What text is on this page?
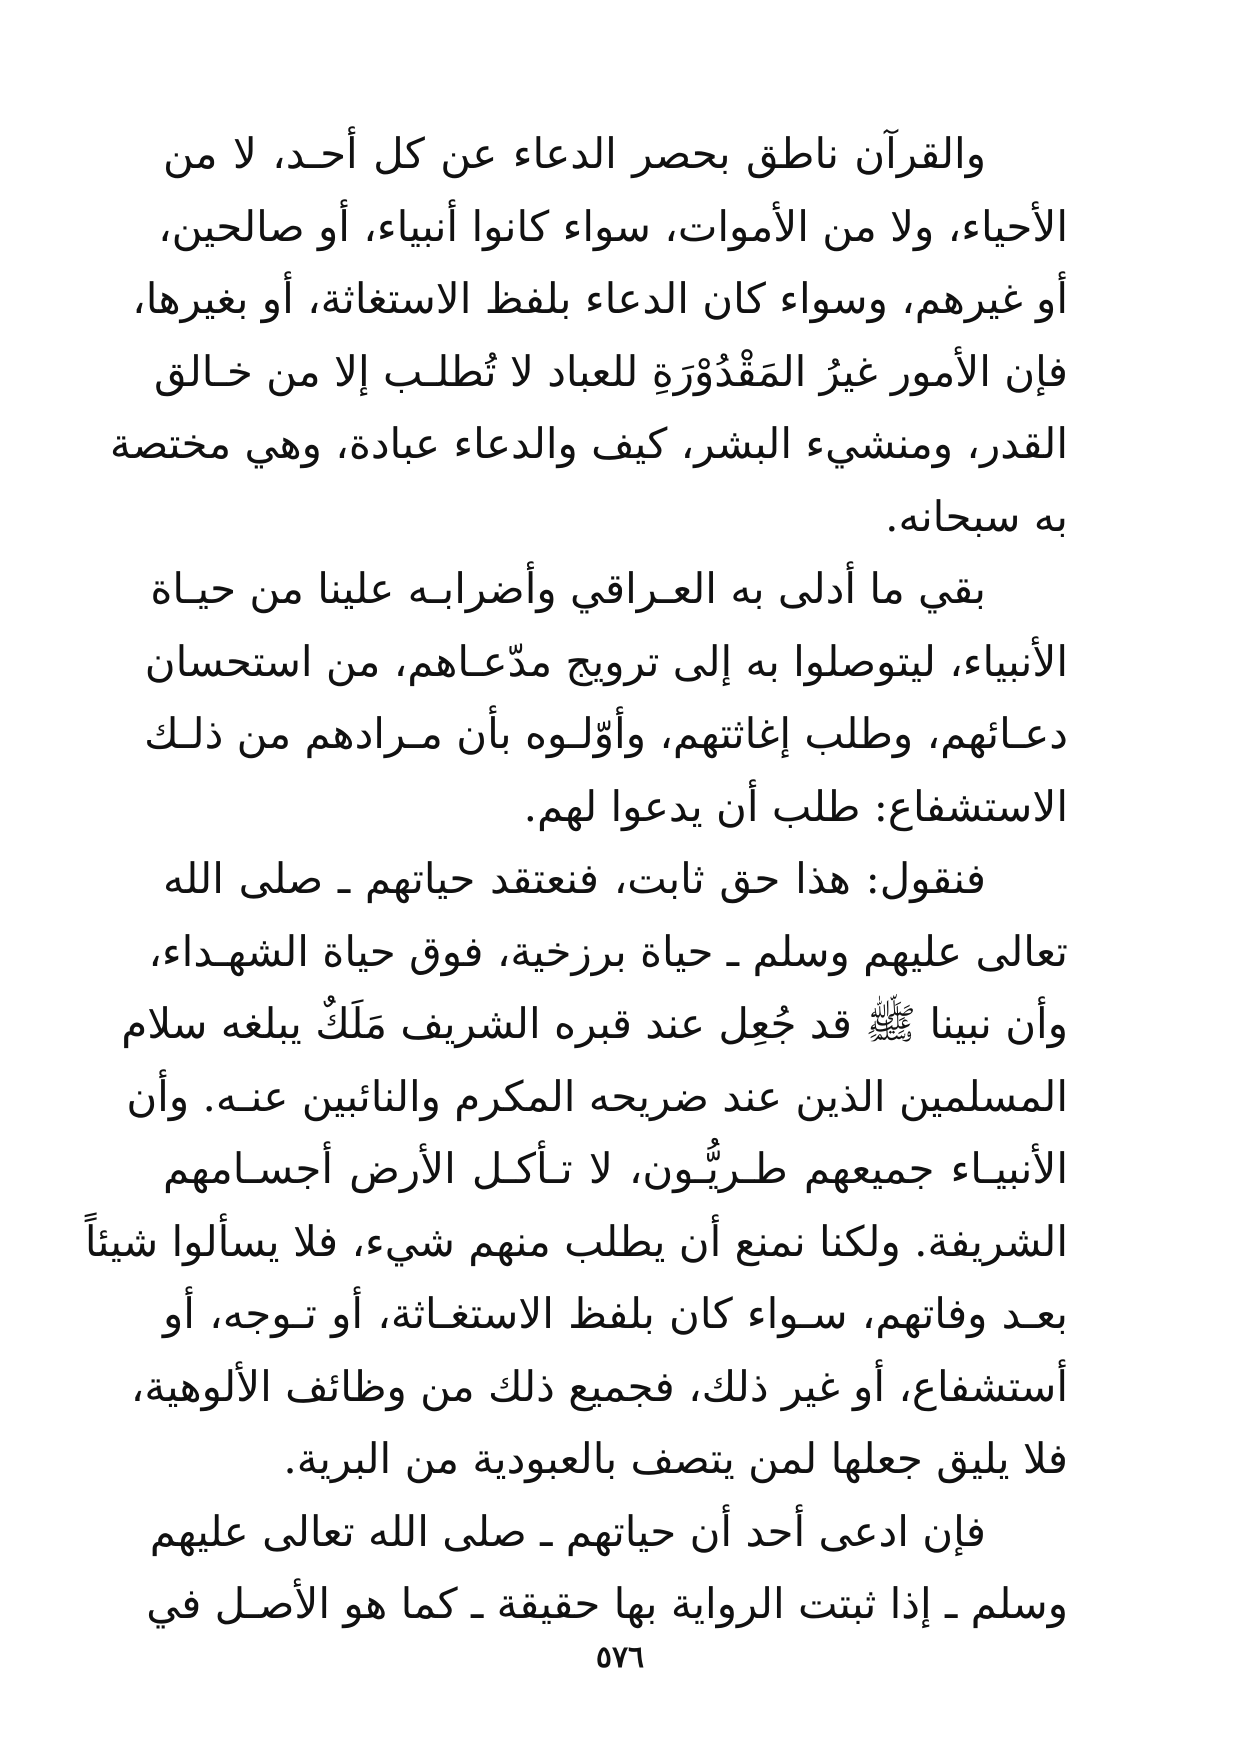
والقرآن ناطق بحصر الدعاء عن كل أحـد، لا من
الأحياء، ولا من الأموات، سواء كانوا أنبياء، أو صالحين،
أو غيرهم، وسواء كان الدعاء بلفظ الاستغاثة، أو بغيرها،
فإن الأمور غيرُ المَقْدُوْرَةِ للعباد لا تُطلـب إلا من خـالق
القدر، ومنشيء البشر، كيف والدعاء عبادة، وهي مختصة
به سبحانه.
بقي ما أدلى به العـراقي وأضرابـه علينا من حيـاة
الأنبياء، ليتوصلوا به إلى ترويج مدّعـاهم، من استحسان
دعـائهم، وطلب إغاثتهم، وأوّلـوه بأن مـرادهم من ذلـك
الاستشفاع: طلب أن يدعوا لهم.
فنقول: هذا حق ثابت، فنعتقد حياتهم ـ صلى الله
تعالى عليهم وسلم ـ حياة برزخية، فوق حياة الشهـداء،
وأن نبينا ﷺ قد جُعِل عند قبره الشريف مَلَكٌ يبلغه سلام
المسلمين الذين عند ضريحه المكرم والنائبين عنـه. وأن
الأنبيـاء جميعهم طـريُّـون، لا تـأكـل الأرض أجسـامهم
الشريفة. ولكنا نمنع أن يطلب منهم شيء، فلا يسألوا شيئاً
بعـد وفاتهم، سـواء كان بلفظ الاستغـاثة، أو تـوجه، أو
أستشفاع، أو غير ذلك، فجميع ذلك من وظائف الألوهية،
فلا يليق جعلها لمن يتصف بالعبودية من البرية.
فإن ادعى أحد أن حياتهم ـ صلى الله تعالى عليهم
وسلم ـ إذا ثبتت الرواية بها حقيقة ـ كما هو الأصـل في
٥٧٦
